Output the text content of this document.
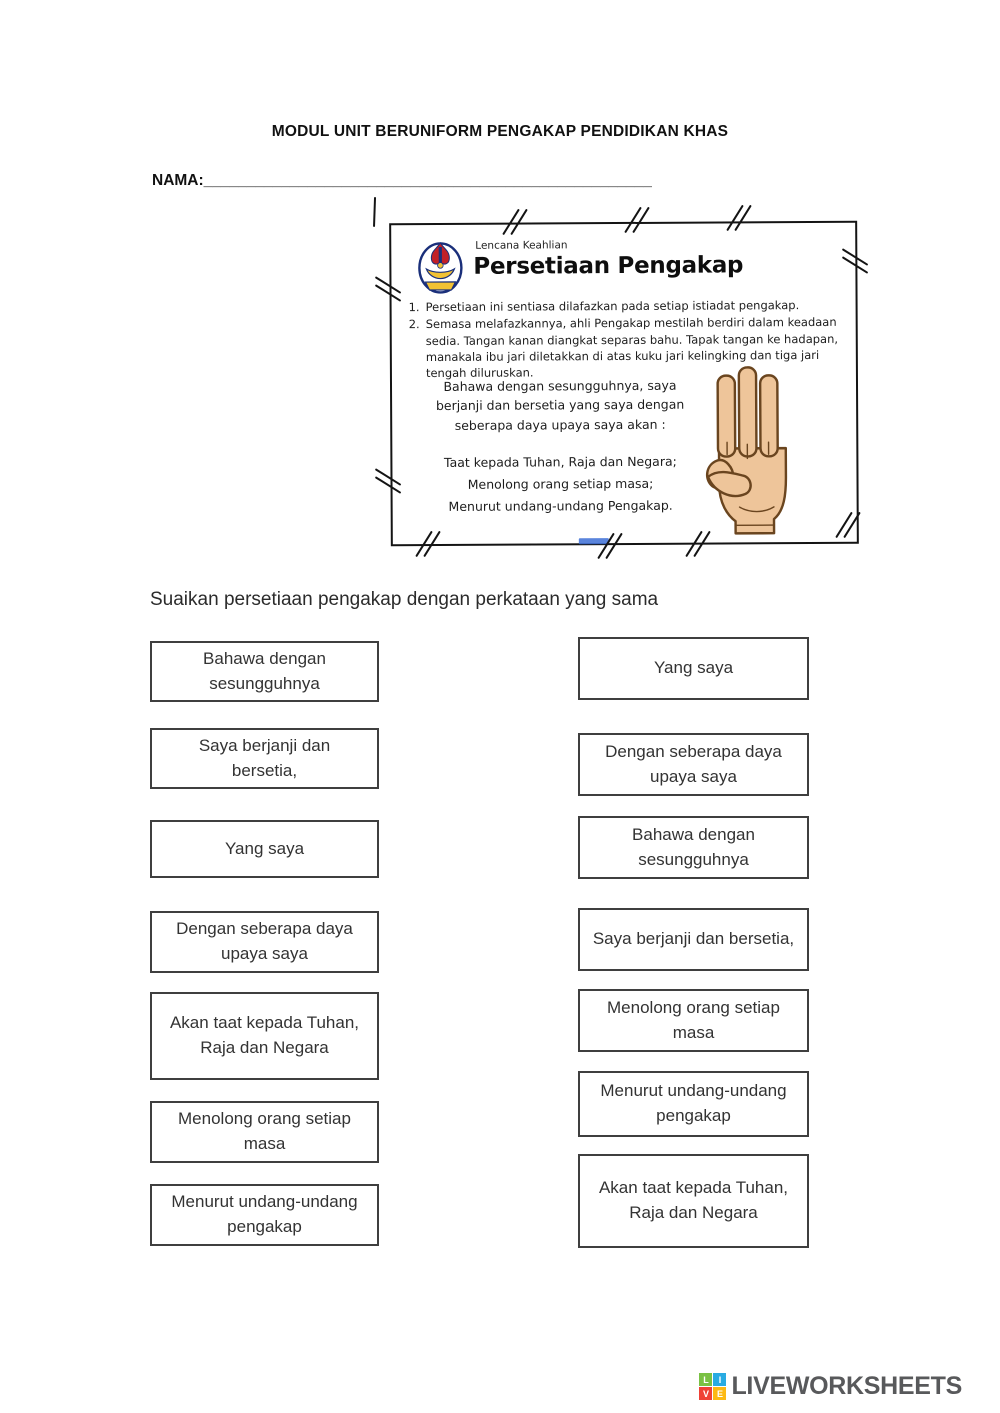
MODUL UNIT BERUNIFORM PENGAKAP PENDIDIKAN KHAS
NAMA:____________________________________________________
Lencana Keahlian
Persetiaan Pengakap
1. Persetiaan ini sentiasa dilafazkan pada setiap istiadat pengakap.
2. Semasa melafazkannya, ahli Pengakap mestilah berdiri dalam keadaan sedia. Tangan kanan diangkat separas bahu. Tapak tangan ke hadapan, manakala ibu jari diletakkan di atas kuku jari kelingking dan tiga jari tengah diluruskan.
Bahawa dengan sesungguhnya, saya berjanji dan bersetia yang saya dengan seberapa daya upaya saya akan :
Taat kepada Tuhan, Raja dan Negara;
Menolong orang setiap masa;
Menurut undang-undang Pengakap.
Suaikan persetiaan pengakap dengan perkataan yang sama
Bahawa dengan sesungguhnya
Saya berjanji dan bersetia,
Yang saya
Dengan seberapa daya upaya saya
Akan taat kepada Tuhan, Raja dan Negara
Menolong orang setiap masa
Menurut undang-undang pengakap
Yang saya
Dengan seberapa daya upaya saya
Bahawa dengan sesungguhnya
Saya berjanji dan bersetia,
Menolong orang setiap masa
Menurut undang-undang pengakap
Akan taat kepada Tuhan, Raja dan Negara
L	I
V E LIVEWORKSHEETS
